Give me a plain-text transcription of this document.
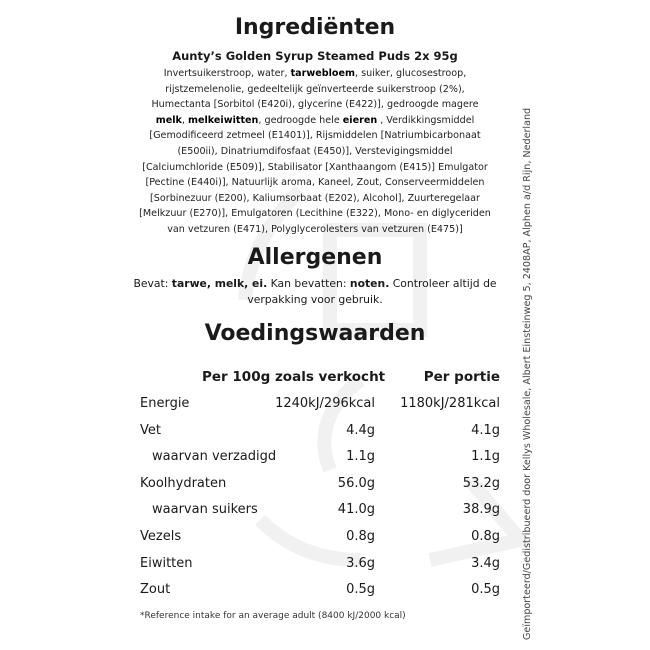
Ingrediënten
Aunty’s Golden Syrup Steamed Puds 2x 95g
Invertsuikerstroop, water, tarwebloem, suiker, glucosestroop, rijstzemelenolie, gedeeltelijk geïnverteerde suikerstroop (2%), Humectanta [Sorbitol (E420i), glycerine (E422)], gedroogde magere melk, melkeiwitten, gedroogde hele eieren , Verdikkingsmiddel [Gemodificeerd zetmeel (E1401)], Rijsmiddelen [Natriumbicarbonaat (E500ii), Dinatriumdifosfaat (E450)], Verstevigingsmiddel [Calciumchloride (E509)], Stabilisator [Xanthaangom (E415)] Emulgator [Pectine (E440i)], Natuurlijk aroma, Kaneel, Zout, Conserveermiddelen [Sorbinezuur (E200), Kaliumsorbaat (E202), Alcohol], Zuurteregelaar [Melkzuur (E270)], Emulgatoren (Lecithine (E322), Mono- en diglyceriden van vetzuren (E471), Polyglycerolesters van vetzuren (E475)]
Allergenen
Bevat: tarwe, melk, ei. Kan bevatten: noten. Controleer altijd de verpakking voor gebruik.
Voedingswaarden
Per 100g zoals verkocht	Per portie
Energie	1240kJ/296kcal 1180kJ/281kcal
Vet	4.4g	4.1g
waarvan verzadigd	1.1g	1.1g
Koolhydraten	56.0g	53.2g
waarvan suikers	41.0g	38.9g
Vezels	0.8g	0.8g
Eiwitten	3.6g	3.4g
Zout	0.5g	0.5g
*Reference intake for an average adult (8400 kJ/2000 kcal)	Geïmporteerd/Gedistribueerd door Kellys Wholesale, Albert Einsteinweg 5, 2408AP, Alphen a/d Rijn, Nederland
